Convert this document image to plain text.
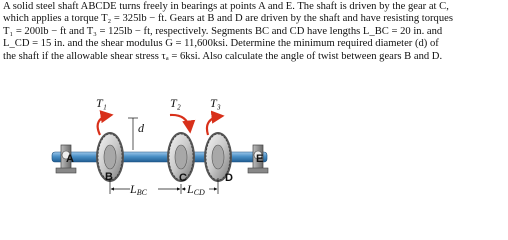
A solid steel shaft ABCDE turns freely in bearings at points A and E. The shaft is driven by the gear at C,

which applies a torque T₂ = 325lb − ft. Gears at B and D are driven by the shaft and have resisting torques

T₁ = 200lb − ft and T₃ = 125lb − ft, respectively. Segments BC and CD have lengths L_BC = 20 in. and

L_CD = 15 in. and the shear modulus G = 11,600ksi. Determine the minimum required diameter (d) of

the shaft if the allowable shear stress τₐ = 6ksi. Also calculate the angle of twist between gears B and D.

T₁	T₂ T₃
d
A
B	C	D
E
LBC	LCD
